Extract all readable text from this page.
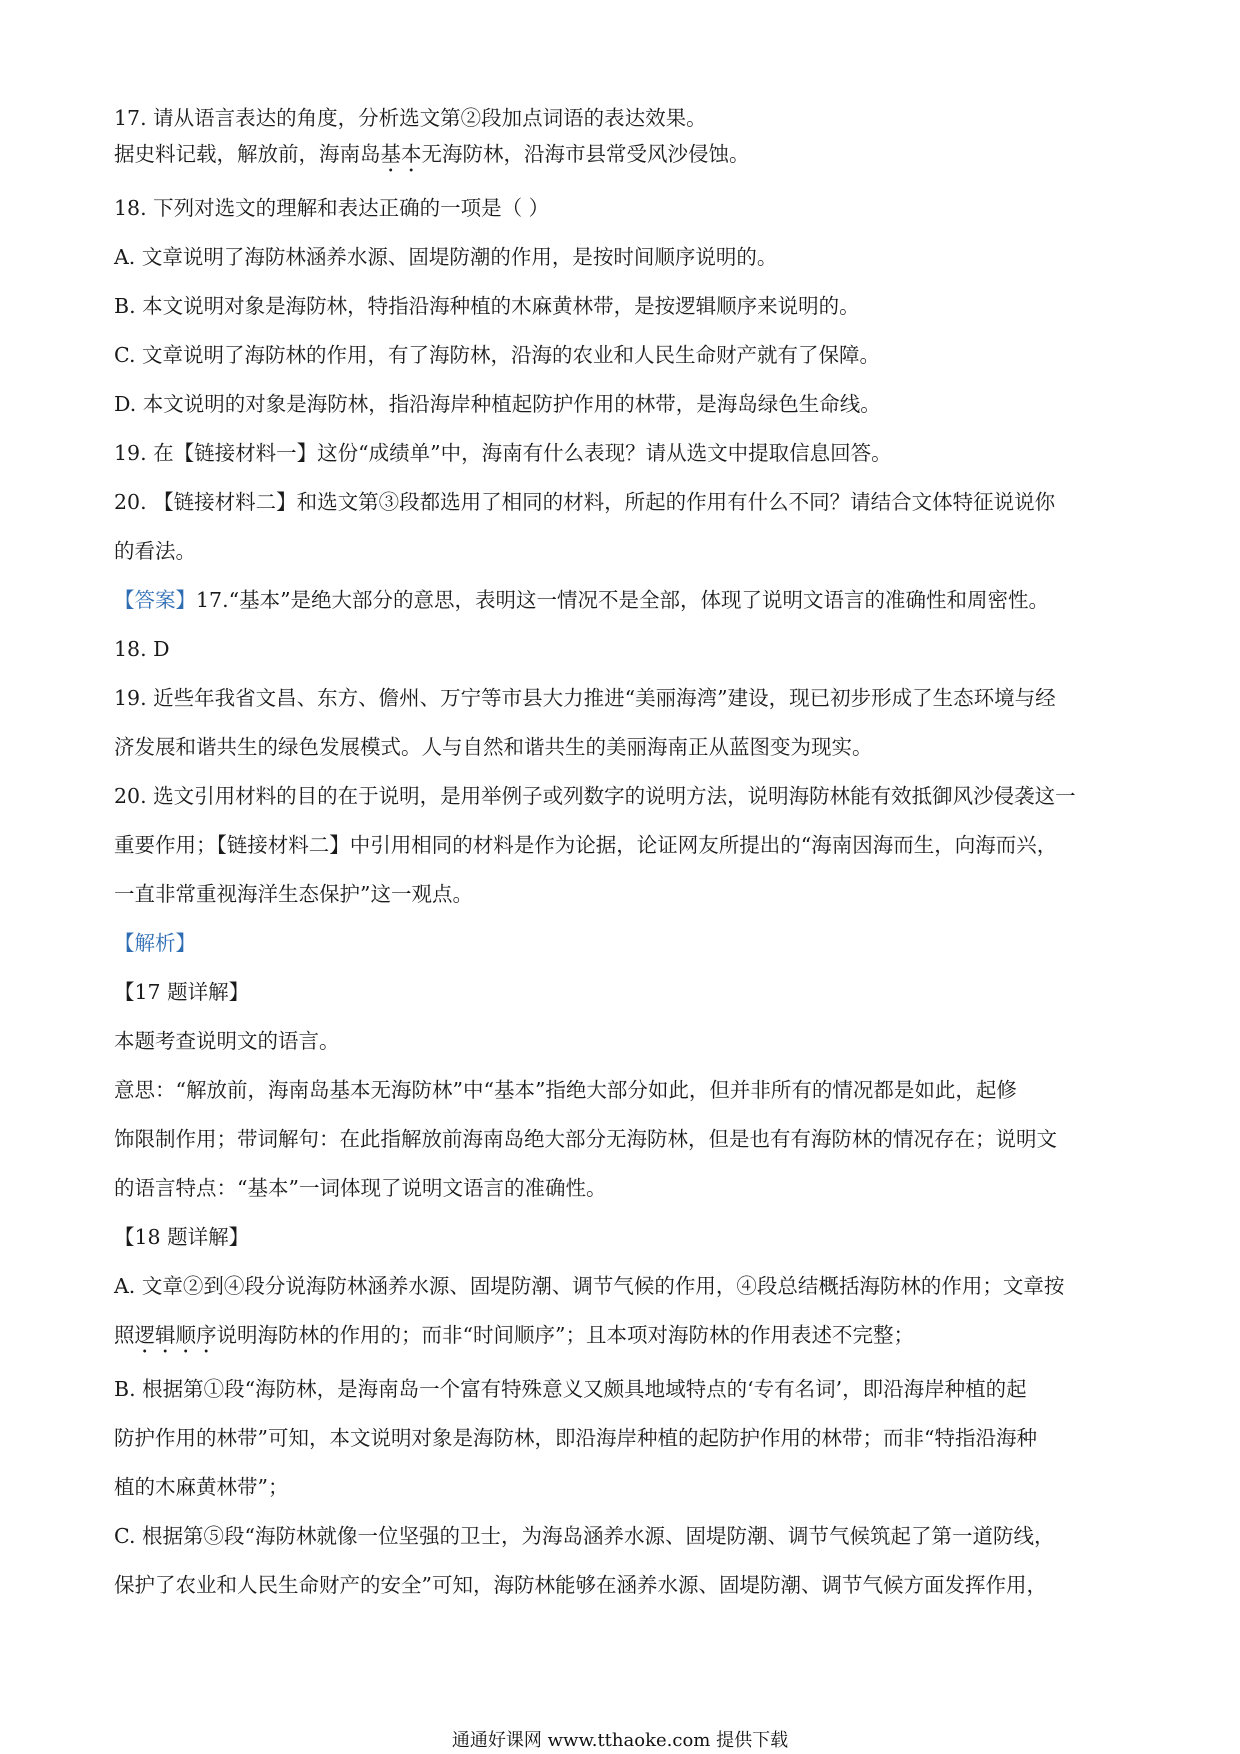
17. 请从语言表达的角度，分析选文第②段加点词语的表达效果。

据史料记载，解放前，海南岛基本无海防林，沿海市县常受风沙侵蚀。

18. 下列对选文的理解和表达正确的一项是（ ）

A. 文章说明了海防林涵养水源、固堤防潮的作用，是按时间顺序说明的。

B. 本文说明对象是海防林，特指沿海种植的木麻黄林带，是按逻辑顺序来说明的。

C. 文章说明了海防林的作用，有了海防林，沿海的农业和人民生命财产就有了保障。

D. 本文说明的对象是海防林，指沿海岸种植起防护作用的林带，是海岛绿色生命线。

19. 在【链接材料一】这份“成绩单”中，海南有什么表现？请从选文中提取信息回答。

20. 【链接材料二】和选文第③段都选用了相同的材料，所起的作用有什么不同？请结合文体特征说说你

的看法。

【答案】17.“基本”是绝大部分的意思，表明这一情况不是全部，体现了说明文语言的准确性和周密性。

18. D

19. 近些年我省文昌、东方、儋州、万宁等市县大力推进“美丽海湾”建设，现已初步形成了生态环境与经

济发展和谐共生的绿色发展模式。人与自然和谐共生的美丽海南正从蓝图变为现实。

20. 选文引用材料的目的在于说明，是用举例子或列数字的说明方法，说明海防林能有效抵御风沙侵袭这一

重要作用；【链接材料二】中引用相同的材料是作为论据，论证网友所提出的“海南因海而生，向海而兴，

一直非常重视海洋生态保护”这一观点。

【解析】

【17 题详解】

本题考查说明文的语言。

意思：“解放前，海南岛基本无海防林”中“基本”指绝大部分如此，但并非所有的情况都是如此，起修

饰限制作用；带词解句：在此指解放前海南岛绝大部分无海防林，但是也有有海防林的情况存在；说明文

的语言特点：“基本”一词体现了说明文语言的准确性。

【18 题详解】

A. 文章②到④段分说海防林涵养水源、固堤防潮、调节气候的作用，④段总结概括海防林的作用；文章按

照逻辑顺序说明海防林的作用的；而非“时间顺序”；且本项对海防林的作用表述不完整；

B. 根据第①段“海防林，是海南岛一个富有特殊意义又颇具地域特点的‘专有名词’，即沿海岸种植的起

防护作用的林带”可知，本文说明对象是海防林，即沿海岸种植的起防护作用的林带；而非“特指沿海种

植的木麻黄林带”；

C. 根据第⑤段“海防林就像一位坚强的卫士，为海岛涵养水源、固堤防潮、调节气候筑起了第一道防线，

保护了农业和人民生命财产的安全”可知，海防林能够在涵养水源、固堤防潮、调节气候方面发挥作用，

通通好课网 www.tthaoke.com 提供下载
